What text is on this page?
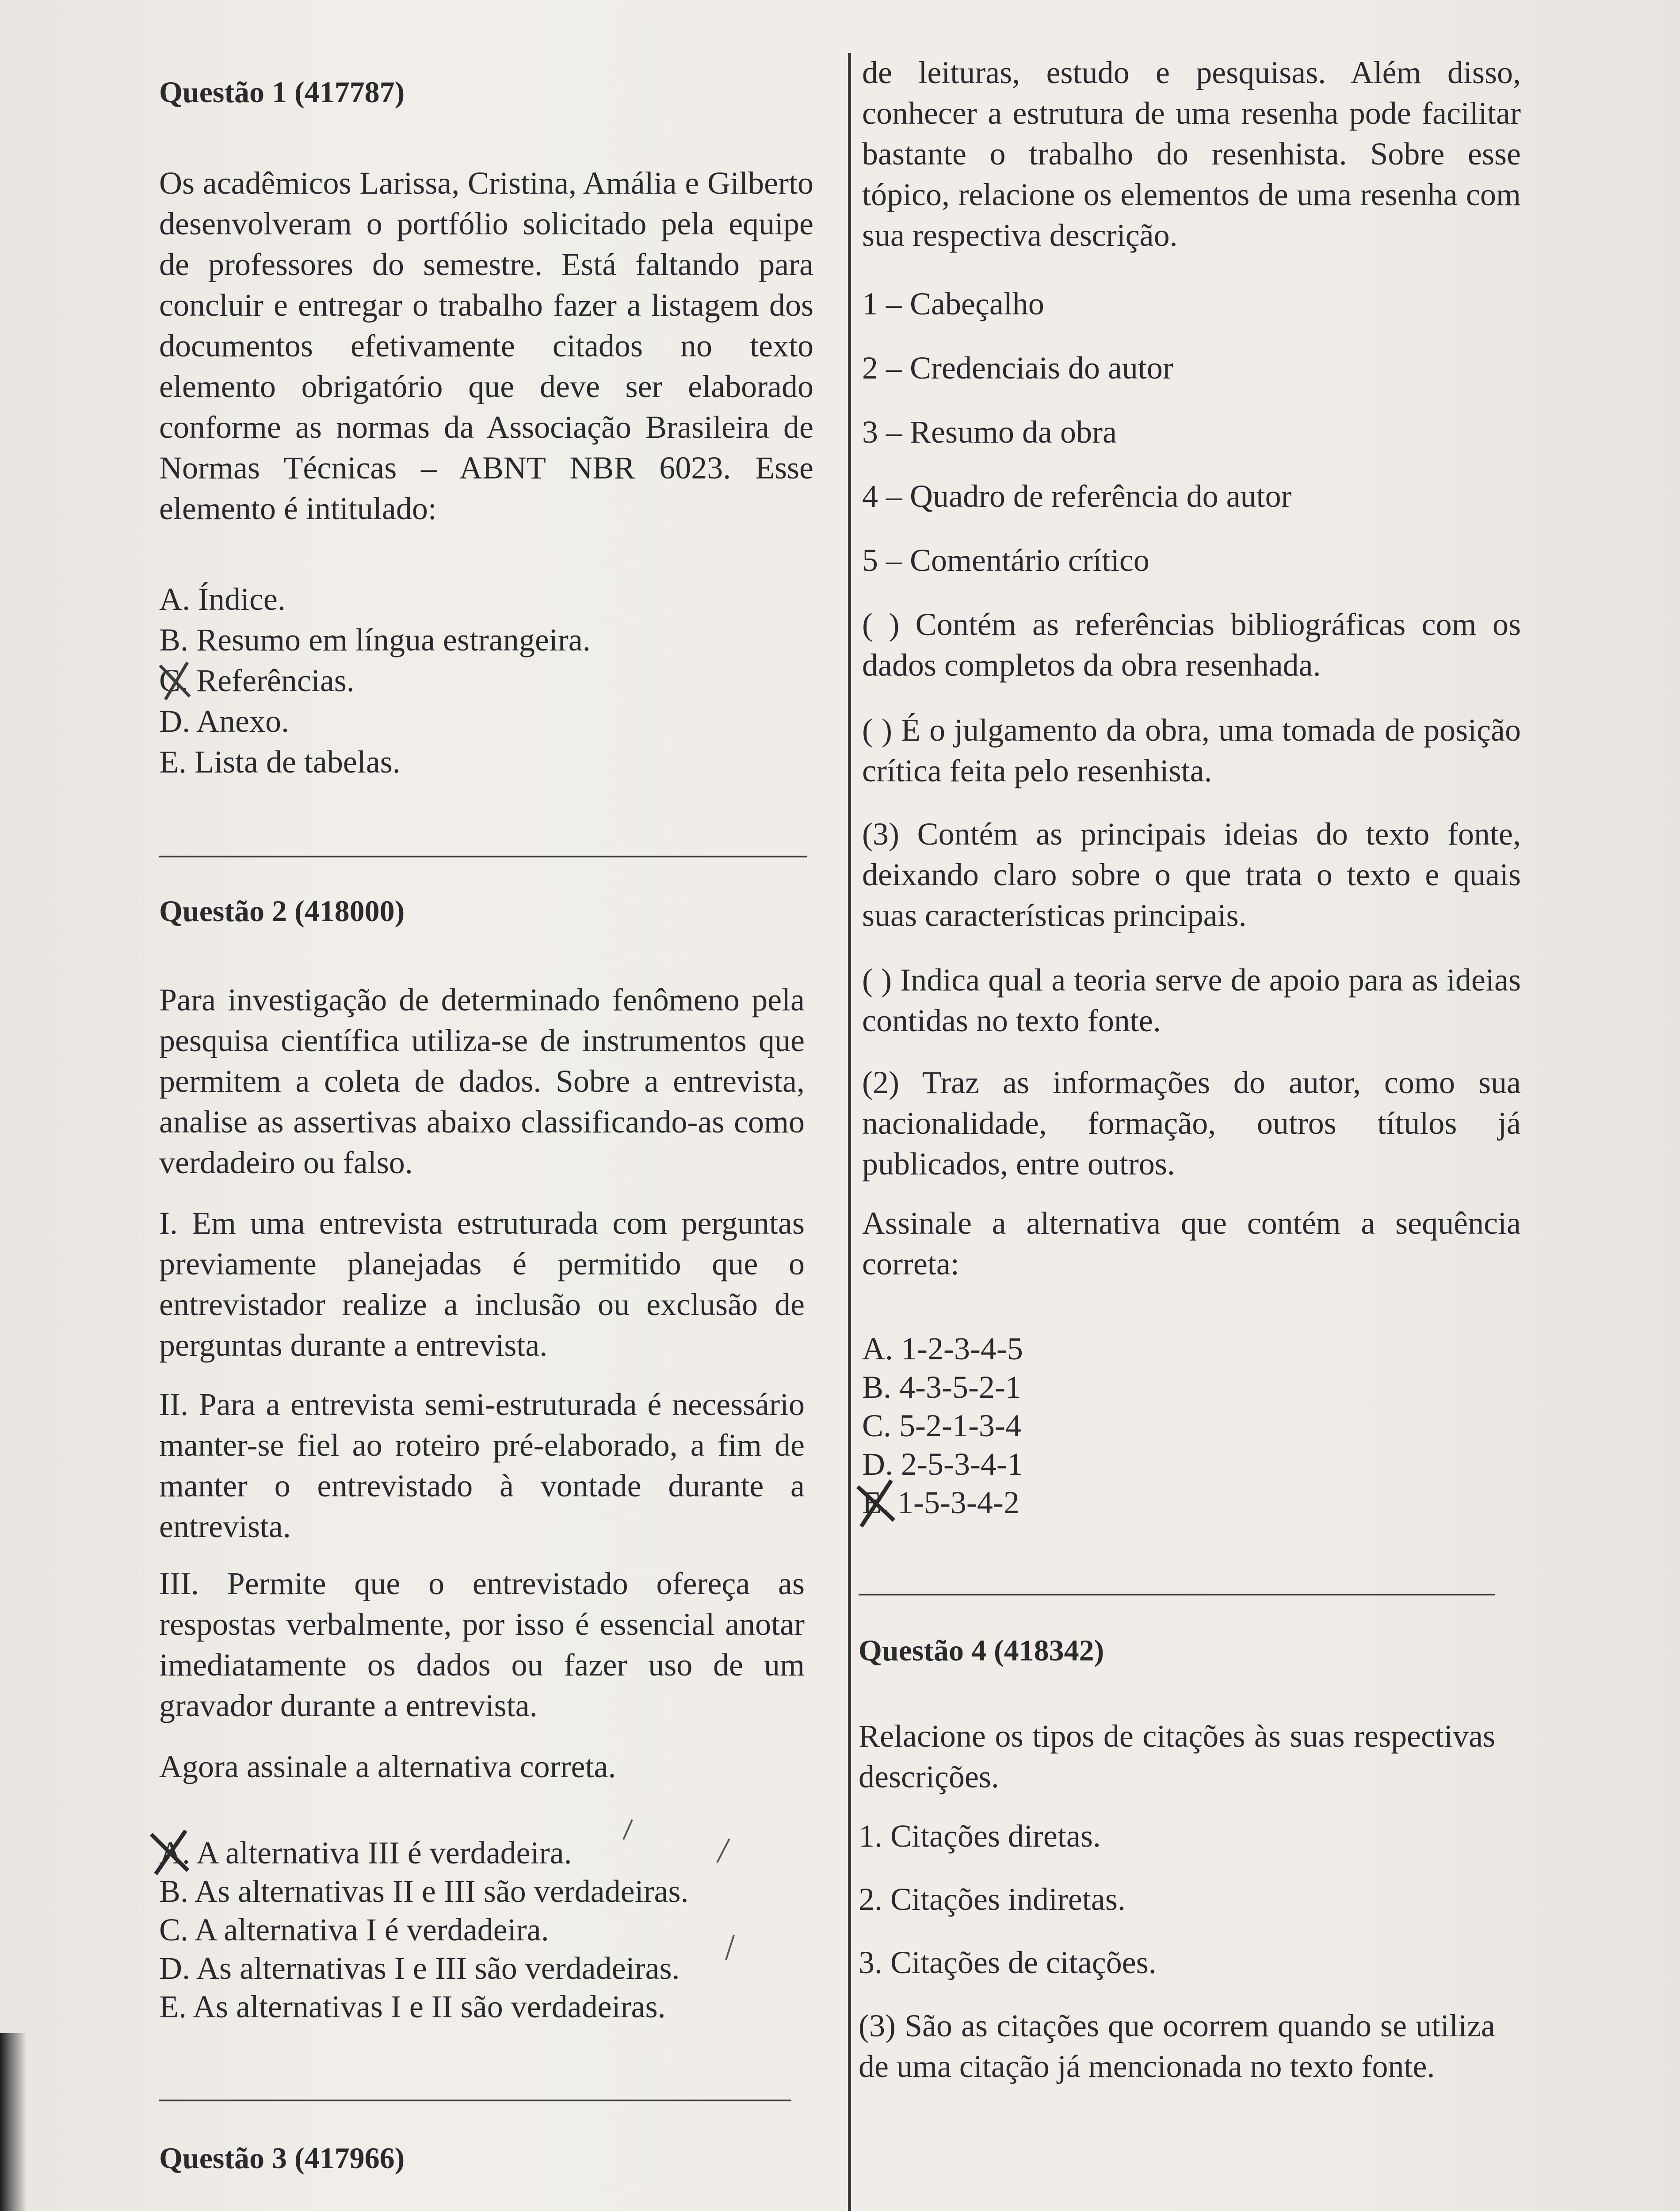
Questão 1 (417787)

Os acadêmicos Larissa, Cristina, Amália e Gilberto desenvolveram o portfólio solicitado pela equipe de professores do semestre. Está faltando para concluir e entregar o trabalho fazer a listagem dos documentos efetivamente citados no texto elemento obrigatório que deve ser elaborado conforme as normas da Associação Brasileira de Normas Técnicas – ABNT NBR 6023. Esse elemento é intitulado:

A. Índice.

B. Resumo em língua estrangeira.

C. Referências.

D. Anexo.

E. Lista de tabelas.

Questão 2 (418000)

Para investigação de determinado fenômeno pela pesquisa científica utiliza-se de instrumentos que permitem a coleta de dados. Sobre a entrevista, analise as assertivas abaixo classificando-as como verdadeiro ou falso.

I. Em uma entrevista estruturada com perguntas previamente planejadas é permitido que o entrevistador realize a inclusão ou exclusão de perguntas durante a entrevista.

II. Para a entrevista semi-estruturada é necessário manter-se fiel ao roteiro pré-elaborado, a fim de manter o entrevistado à vontade durante a entrevista.

III. Permite que o entrevistado ofereça as respostas verbalmente, por isso é essencial anotar imediatamente os dados ou fazer uso de um gravador durante a entrevista.

Agora assinale a alternativa correta.

A. A alternativa III é verdadeira.

B. As alternativas II e III são verdadeiras.

C. A alternativa I é verdadeira.

D. As alternativas I e III são verdadeiras.

E. As alternativas I e II são verdadeiras.

Questão 3 (417966)

de leituras, estudo e pesquisas. Além disso, conhecer a estrutura de uma resenha pode facilitar bastante o trabalho do resenhista. Sobre esse tópico, relacione os elementos de uma resenha com sua respectiva descrição.

1 – Cabeçalho

2 – Credenciais do autor

3 – Resumo da obra

4 – Quadro de referência do autor

5 – Comentário crítico

( ) Contém as referências bibliográficas com os dados completos da obra resenhada.

( ) É o julgamento da obra, uma tomada de posição crítica feita pelo resenhista.

(3) Contém as principais ideias do texto fonte, deixando claro sobre o que trata o texto e quais suas características principais.

( ) Indica qual a teoria serve de apoio para as ideias contidas no texto fonte.

(2) Traz as informações do autor, como sua nacionalidade, formação, outros títulos já publicados, entre outros.

Assinale a alternativa que contém a sequência correta:

A. 1-2-3-4-5

B. 4-3-5-2-1

C. 5-2-1-3-4

D. 2-5-3-4-1

E. 1-5-3-4-2

Questão 4 (418342)

Relacione os tipos de citações às suas respectivas descrições.

1. Citações diretas.

2. Citações indiretas.

3. Citações de citações.

(3) São as citações que ocorrem quando se utiliza de uma citação já mencionada no texto fonte.
